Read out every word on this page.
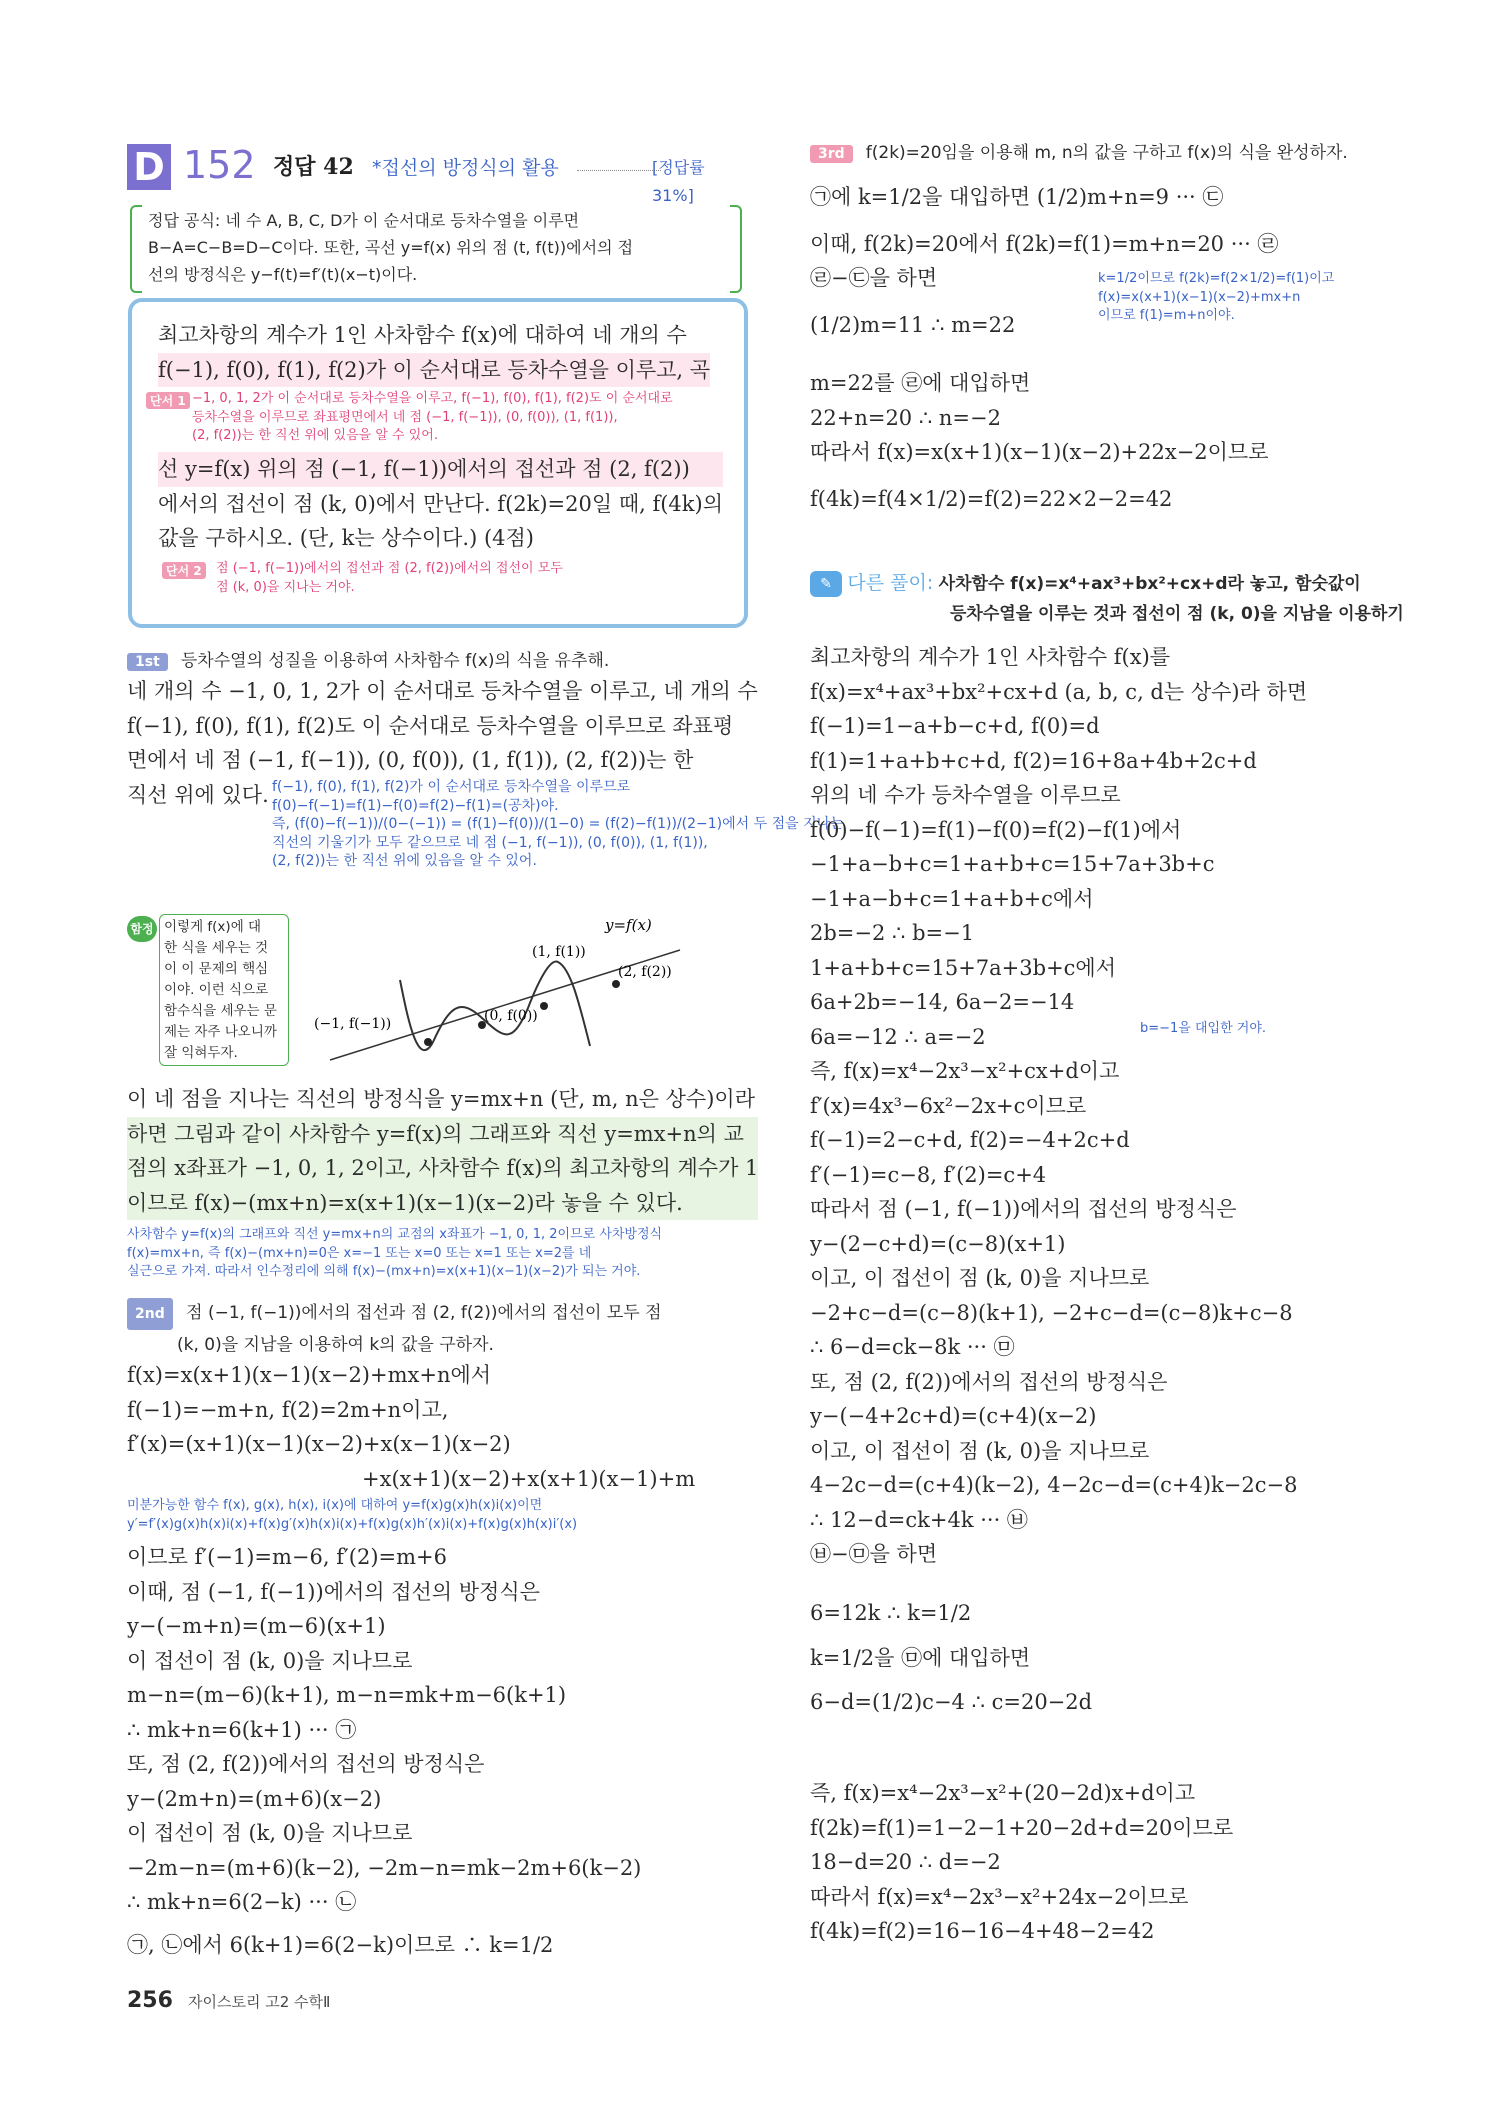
D 152 정답 42 *접선의 방정식의 활용	[정답률 31%]
정답 공식: 네 수 A, B, C, D가 이 순서대로 등차수열을 이루면
B−A=C−B=D−C이다. 또한, 곡선 y=f(x) 위의 점 (t, f(t))에서의 접
선의 방정식은 y−f(t)=f′(t)(x−t)이다.
최고차항의 계수가 1인 사차함수 f(x)에 대하여 네 개의 수
f(−1), f(0), f(1), f(2)가 이 순서대로 등차수열을 이루고, 곡
단서 1 −1, 0, 1, 2가 이 순서대로 등차수열을 이루고, f(−1), f(0), f(1), f(2)도 이 순서대로
등차수열을 이루므로 좌표평면에서 네 점 (−1, f(−1)), (0, f(0)), (1, f(1)),
(2, f(2))는 한 직선 위에 있음을 알 수 있어.
선 y=f(x) 위의 점 (−1, f(−1))에서의 접선과 점 (2, f(2))
에서의 접선이 점 (k, 0)에서 만난다. f(2k)=20일 때, f(4k)의
값을 구하시오. (단, k는 상수이다.) (4점)
단서 2	점 (−1, f(−1))에서의 접선과 점 (2, f(2))에서의 접선이 모두
점 (k, 0)을 지나는 거야.
1st 등차수열의 성질을 이용하여 사차함수 f(x)의 식을 유추해.
네 개의 수 −1, 0, 1, 2가 이 순서대로 등차수열을 이루고, 네 개의 수
f(−1), f(0), f(1), f(2)도 이 순서대로 등차수열을 이루므로 좌표평
면에서 네 점 (−1, f(−1)), (0, f(0)), (1, f(1)), (2, f(2))는 한
직선 위에 있다. f(−1), f(0), f(1), f(2)가 이 순서대로 등차수열을 이루므로
f(0)−f(−1)=f(1)−f(0)=f(2)−f(1)=(공차)야.
즉, (f(0)−f(−1))/(0−(−1)) = (f(1)−f(0))/(1−0) = (f(2)−f(1))/(2−1)에서 두 점을 지나는
직선의 기울기가 모두 같으므로 네 점 (−1, f(−1)), (0, f(0)), (1, f(1)),
(2, f(2))는 한 직선 위에 있음을 알 수 있어.
함정 이렇게 f(x)에 대
한 식을 세우는 것
이 이 문제의 핵심
이야. 이런 식으로
함수식을 세우는 문
제는 자주 나오니까
잘 익혀두자.
y=f(x)
(−1, f(−1))	(0, f(0))
(1, f(1))
(2, f(2))
이 네 점을 지나는 직선의 방정식을 y=mx+n (단, m, n은 상수)이라
하면 그림과 같이 사차함수 y=f(x)의 그래프와 직선 y=mx+n의 교
점의 x좌표가 −1, 0, 1, 2이고, 사차함수 f(x)의 최고차항의 계수가 1
이므로 f(x)−(mx+n)=x(x+1)(x−1)(x−2)라 놓을 수 있다.
사차함수 y=f(x)의 그래프와 직선 y=mx+n의 교점의 x좌표가 −1, 0, 1, 2이므로 사차방정식
f(x)=mx+n, 즉 f(x)−(mx+n)=0은 x=−1 또는 x=0 또는 x=1 또는 x=2를 네
실근으로 가져. 따라서 인수정리에 의해 f(x)−(mx+n)=x(x+1)(x−1)(x−2)가 되는 거야.
2nd 점 (−1, f(−1))에서의 접선과 점 (2, f(2))에서의 접선이 모두 점
(k, 0)을 지남을 이용하여 k의 값을 구하자.
f(x)=x(x+1)(x−1)(x−2)+mx+n에서
f(−1)=−m+n, f(2)=2m+n이고,
f′(x)=(x+1)(x−1)(x−2)+x(x−1)(x−2)
+x(x+1)(x−2)+x(x+1)(x−1)+m
미분가능한 함수 f(x), g(x), h(x), i(x)에 대하여 y=f(x)g(x)h(x)i(x)이면
y′=f′(x)g(x)h(x)i(x)+f(x)g′(x)h(x)i(x)+f(x)g(x)h′(x)i(x)+f(x)g(x)h(x)i′(x)
이므로 f′(−1)=m−6, f′(2)=m+6
이때, 점 (−1, f(−1))에서의 접선의 방정식은
y−(−m+n)=(m−6)(x+1)
이 접선이 점 (k, 0)을 지나므로
m−n=(m−6)(k+1), m−n=mk+m−6(k+1)
∴ mk+n=6(k+1) ··· ㉠
또, 점 (2, f(2))에서의 접선의 방정식은
y−(2m+n)=(m+6)(x−2)
이 접선이 점 (k, 0)을 지나므로
−2m−n=(m+6)(k−2), −2m−n=mk−2m+6(k−2)
∴ mk+n=6(2−k) ··· ㉡
㉠, ㉡에서 6(k+1)=6(2−k)이므로 ∴ k=1/2
256 자이스토리 고2 수학Ⅱ
3rd f(2k)=20임을 이용해 m, n의 값을 구하고 f(x)의 식을 완성하자.
㉠에 k=1/2을 대입하면 (1/2)m+n=9 ··· ㉢
이때, f(2k)=20에서 f(2k)=f(1)=m+n=20 ··· ㉣
㉣−㉢을 하면
(1/2)m=11 ∴ m=22
k=1/2이므로 f(2k)=f(2×1/2)=f(1)이고
f(x)=x(x+1)(x−1)(x−2)+mx+n
이므로 f(1)=m+n이야.
m=22를 ㉣에 대입하면
22+n=20 ∴ n=−2
따라서 f(x)=x(x+1)(x−1)(x−2)+22x−2이므로
f(4k)=f(4×1/2)=f(2)=22×2−2=42
✎ 다른 풀이: 사차함수 f(x)=x⁴+ax³+bx²+cx+d라 놓고, 함숫값이
등차수열을 이루는 것과 접선이 점 (k, 0)을 지남을 이용하기
최고차항의 계수가 1인 사차함수 f(x)를
f(x)=x⁴+ax³+bx²+cx+d (a, b, c, d는 상수)라 하면
f(−1)=1−a+b−c+d, f(0)=d
f(1)=1+a+b+c+d, f(2)=16+8a+4b+2c+d
위의 네 수가 등차수열을 이루므로
f(0)−f(−1)=f(1)−f(0)=f(2)−f(1)에서
−1+a−b+c=1+a+b+c=15+7a+3b+c
−1+a−b+c=1+a+b+c에서
2b=−2 ∴ b=−1
1+a+b+c=15+7a+3b+c에서
6a+2b=−14, 6a−2=−14
6a=−12 ∴ a=−2
즉, f(x)=x⁴−2x³−x²+cx+d이고
f′(x)=4x³−6x²−2x+c이므로
f(−1)=2−c+d, f(2)=−4+2c+d
f′(−1)=c−8, f′(2)=c+4
따라서 점 (−1, f(−1))에서의 접선의 방정식은
y−(2−c+d)=(c−8)(x+1)
이고, 이 접선이 점 (k, 0)을 지나므로
−2+c−d=(c−8)(k+1), −2+c−d=(c−8)k+c−8
∴ 6−d=ck−8k ··· ㉤
또, 점 (2, f(2))에서의 접선의 방정식은
y−(−4+2c+d)=(c+4)(x−2)
이고, 이 접선이 점 (k, 0)을 지나므로
4−2c−d=(c+4)(k−2), 4−2c−d=(c+4)k−2c−8
∴ 12−d=ck+4k ··· ㉥
㉥−㉤을 하면
b=−1을 대입한 거야.
6=12k ∴ k=1/2
k=1/2을 ㉤에 대입하면
6−d=(1/2)c−4 ∴ c=20−2d
즉, f(x)=x⁴−2x³−x²+(20−2d)x+d이고
f(2k)=f(1)=1−2−1+20−2d+d=20이므로
18−d=20 ∴ d=−2
따라서 f(x)=x⁴−2x³−x²+24x−2이므로
f(4k)=f(2)=16−16−4+48−2=42
